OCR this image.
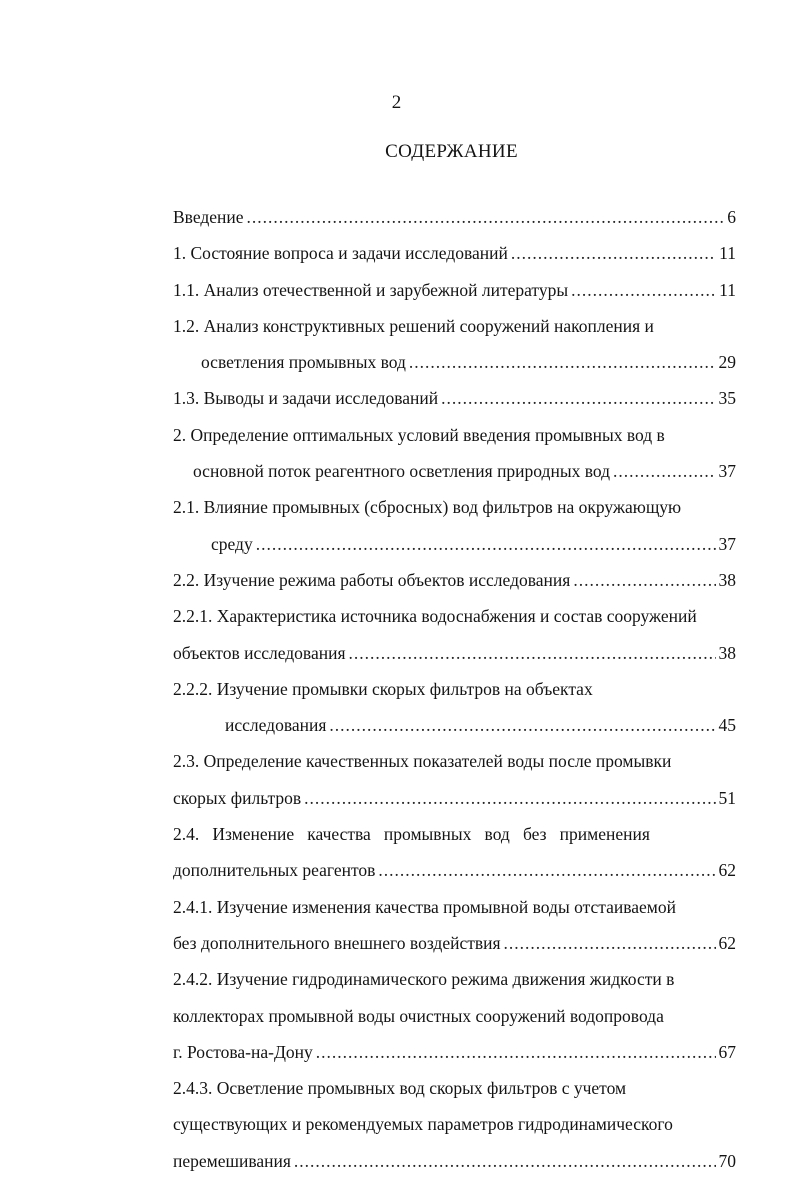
2
СОДЕРЖАНИЕ
Введение .....	6
1. Состояние вопроса и задачи исследований .....	11
1.1. Анализ отечественной и зарубежной литературы .....	11
1.2. Анализ конструктивных решений сооружений накопления и
осветления промывных вод .....	29
1.3. Выводы и задачи исследований .....	35
2. Определение оптимальных условий введения промывных вод в
основной поток реагентного осветления природных вод .....	37
2.1. Влияние промывных (сбросных) вод фильтров на окружающую
среду .....	37
2.2. Изучение режима работы объектов исследования .....	38
2.2.1. Характеристика источника водоснабжения и состав сооружений
объектов исследования .....	38
2.2.2. Изучение промывки скорых фильтров на объектах
исследования .....	45
2.3. Определение качественных показателей воды после промывки
скорых фильтров .....	51
2.4.   Изменение   качества   промывных   вод   без   применения
дополнительных реагентов .....	62
2.4.1. Изучение изменения качества промывной воды отстаиваемой
без дополнительного внешнего воздействия .....	62
2.4.2. Изучение гидродинамического режима движения жидкости в
коллекторах промывной воды очистных сооружений водопровода
г. Ростова-на-Дону .....	67
2.4.3. Осветление промывных вод скорых фильтров с учетом
существующих и рекомендуемых параметров гидродинамического
перемешивания .....	70
